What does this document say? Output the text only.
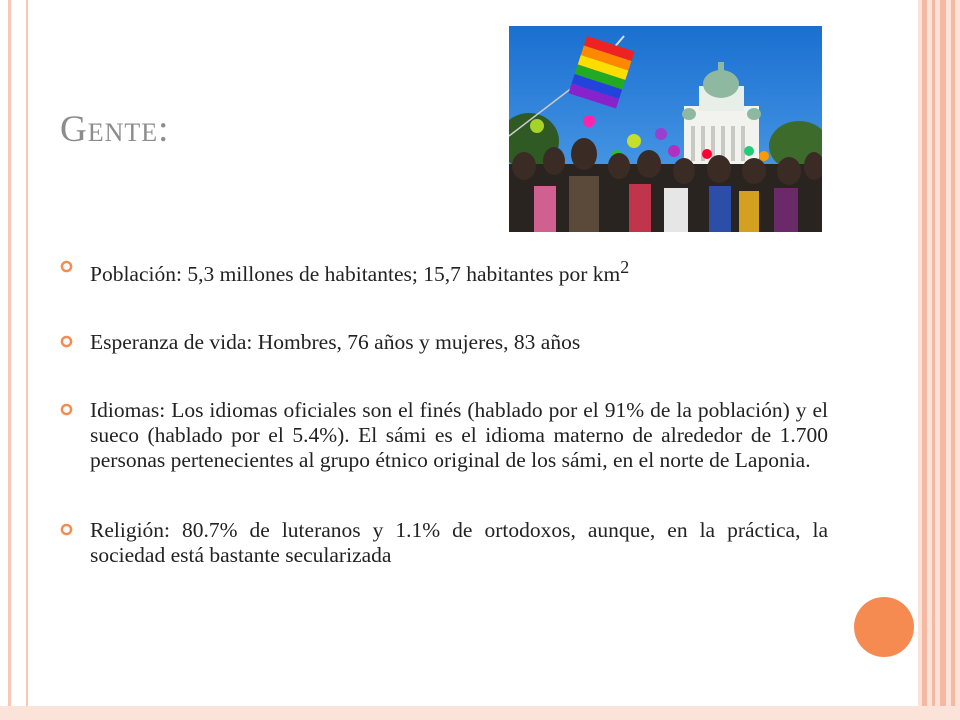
Gente:
Población: 5,3 millones de habitantes; 15,7 habitantes por $km^2$
Esperanza de vida: Hombres, 76 años y mujeres, 83 años
Idiomas: Los idiomas oficiales son el finés (hablado por el 91% de la población) y el sueco (hablado por el 5.4%). El sámi es el idioma materno de alrededor de 1.700 personas pertenecientes al grupo étnico original de los sámi, en el norte de Laponia.
Religión: 80.7% de luteranos y 1.1% de ortodoxos, aunque, en la práctica, la sociedad está bastante secularizada
